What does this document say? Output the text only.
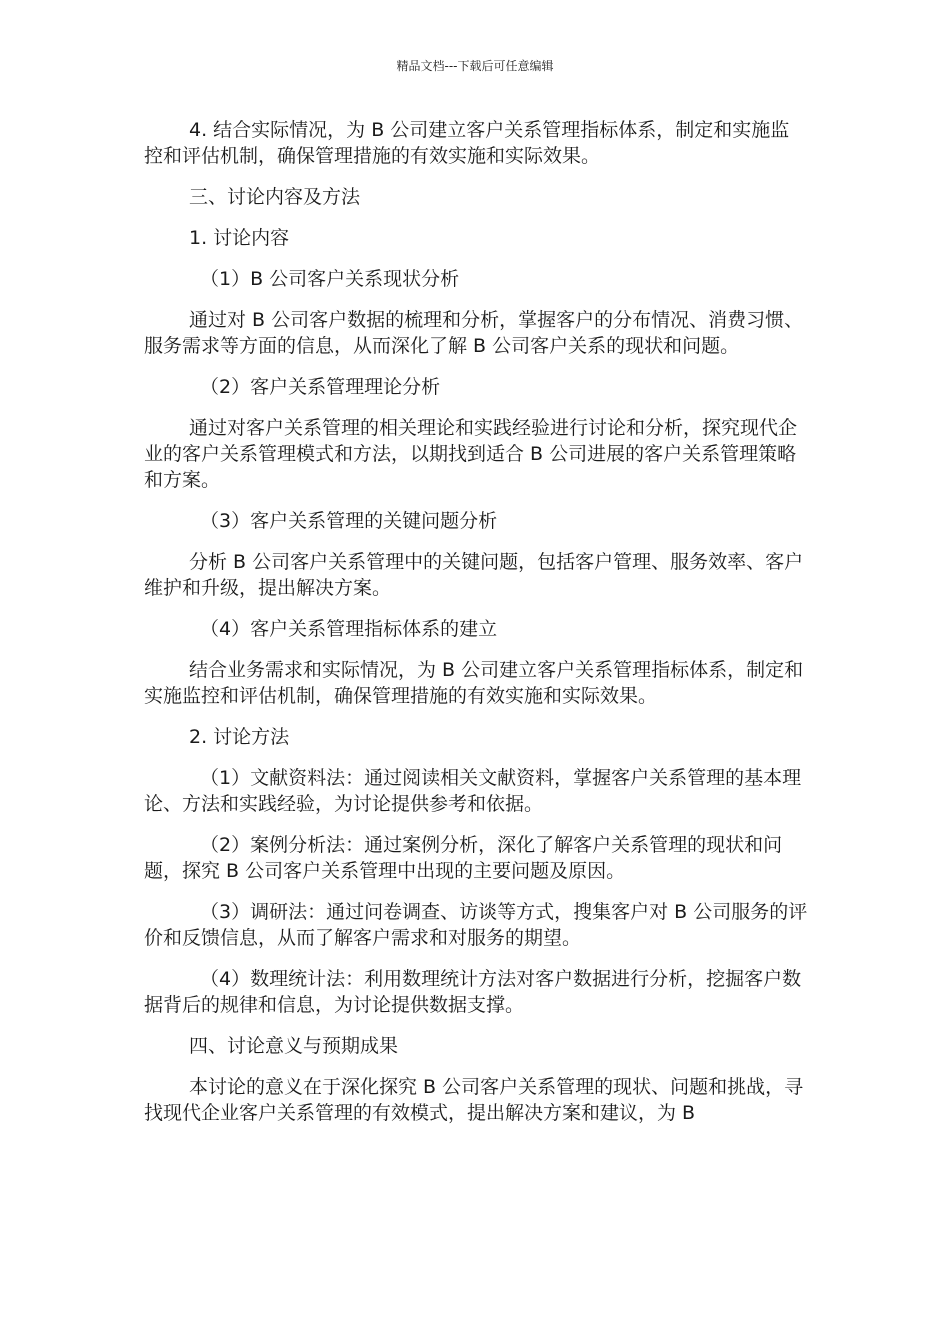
精品文档---下载后可任意编辑

4. 结合实际情况，为 B 公司建立客户关系管理指标体系，制定和实施监控和评估机制，确保管理措施的有效实施和实际效果。

三、讨论内容及方法

1. 讨论内容

（1）B 公司客户关系现状分析

通过对 B 公司客户数据的梳理和分析，掌握客户的分布情况、消费习惯、服务需求等方面的信息，从而深化了解 B 公司客户关系的现状和问题。

（2）客户关系管理理论分析

通过对客户关系管理的相关理论和实践经验进行讨论和分析，探究现代企业的客户关系管理模式和方法，以期找到适合 B 公司进展的客户关系管理策略和方案。

（3）客户关系管理的关键问题分析

分析 B 公司客户关系管理中的关键问题，包括客户管理、服务效率、客户维护和升级，提出解决方案。

（4）客户关系管理指标体系的建立

结合业务需求和实际情况，为 B 公司建立客户关系管理指标体系，制定和实施监控和评估机制，确保管理措施的有效实施和实际效果。

2. 讨论方法

（1）文献资料法：通过阅读相关文献资料，掌握客户关系管理的基本理论、方法和实践经验，为讨论提供参考和依据。

（2）案例分析法：通过案例分析，深化了解客户关系管理的现状和问题，探究 B 公司客户关系管理中出现的主要问题及原因。

（3）调研法：通过问卷调查、访谈等方式，搜集客户对 B 公司服务的评价和反馈信息，从而了解客户需求和对服务的期望。

（4）数理统计法：利用数理统计方法对客户数据进行分析，挖掘客户数据背后的规律和信息，为讨论提供数据支撑。

四、讨论意义与预期成果

本讨论的意义在于深化探究 B 公司客户关系管理的现状、问题和挑战，寻找现代企业客户关系管理的有效模式，提出解决方案和建议，为 B
